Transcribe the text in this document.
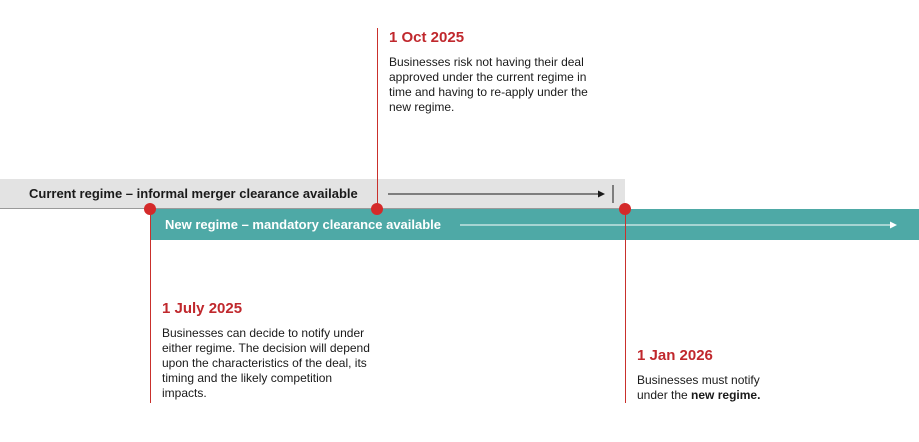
Current regime – informal merger clearance available
New regime – mandatory clearance available
1 Oct 2025
Businesses risk not having their deal approved under the current regime in time and having to re-apply under the new regime.
1 July 2025
Businesses can decide to notify under either regime. The decision will depend upon the characteristics of the deal, its timing and the likely competition impacts.
1 Jan 2026
Businesses must notify under the new regime.
